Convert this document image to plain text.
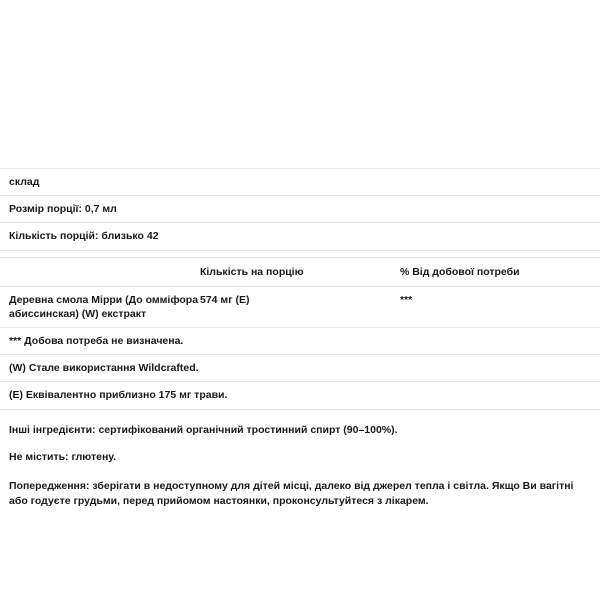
склад		
Розмір порції: 0,7 мл		
Кількість порцій: близько 42		

	Кількість на порцію	% Від добової потреби
Деревна смола Мірри (До оммiфора абиссинская) (W) екстракт	574 мг (E)	***
*** Добова потреба не визначена.		
(W) Стале використання Wildcrafted.		
(E) Еквівалентно приблизно 175 мг трави.		

Інші інгредієнти: сертифікований органічний тростинний спирт (90–100%).

Не містить: глютену.

Попередження: зберігати в недоступному для дітей місці, далеко від джерел тепла і світла. Якщо Ви вагітні або годуєте грудьми, перед прийомом настоянки, проконсультуйтеся з лікарем.
